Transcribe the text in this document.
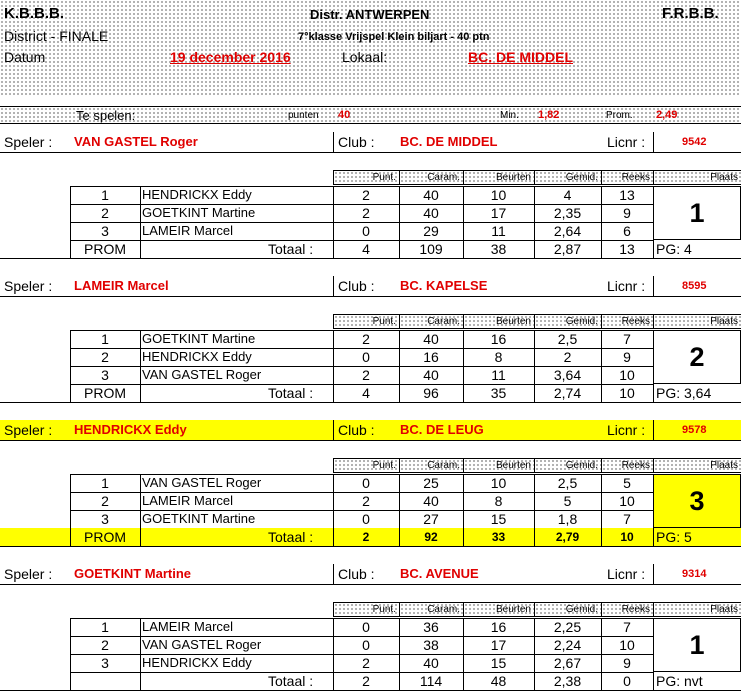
K.B.B.B.	Distr. ANTWERPEN	F.R.B.B.
District - FINALE	7°klasse Vrijspel Klein biljart - 40 ptn
Datum	19 december 2016	Lokaal:	BC. DE MIDDEL
Te spelen:	punten 40	Min. 1,82	Prom. 2,49
Speler : VAN GASTEL Roger	Club : BC. DE MIDDEL	Licnr :	9542
Punt.	Caram.	Beurten	Gemid.	Reeks	Plaats
1	HENDRICKX Eddy	2	40	10	4	13
2	GOETKINT Martine	2	40	17	2,35	9
3	LAMEIR Marcel	0	29	11	2,64	6
PROM	Totaal :	4	109	38	2,87	13
1
PG: 4
Speler : LAMEIR Marcel	Club : BC. KAPELSE	Licnr :	8595
Punt.	Caram.	Beurten	Gemid.	Reeks	Plaats
1	GOETKINT Martine	2	40	16	2,5	7
2	HENDRICKX Eddy	0	16	8	2	9
3	VAN GASTEL Roger	2	40	11	3,64	10
PROM	Totaal :	4	96	35	2,74	10
2
PG: 3,64
Speler : HENDRICKX Eddy	Club : BC. DE LEUG	Licnr :	9578
Punt.	Caram.	Beurten	Gemid.	Reeks	Plaats
1	VAN GASTEL Roger	0	25	10	2,5	5
2	LAMEIR Marcel	2	40	8	5	10
3	GOETKINT Martine	0	27	15	1,8	7
PROM	Totaal :	2	92	33	2,79	10
3
PG: 5
Speler : GOETKINT Martine	Club : BC. AVENUE	Licnr :	9314
Punt.	Caram.	Beurten	Gemid.	Reeks	Plaats
1	LAMEIR Marcel	0	36	16	2,25	7
2	VAN GASTEL Roger	0	38	17	2,24	10
3	HENDRICKX Eddy	2	40	15	2,67	9
Totaal :	2	114	48	2,38	0
1
PG: nvt
